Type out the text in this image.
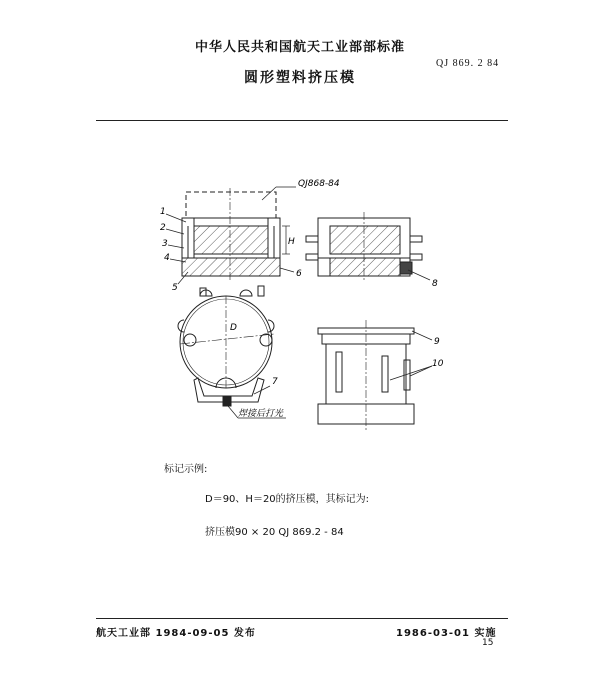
中华人民共和国航天工业部部标准
QJ 869. 2 84
圆形塑料挤压模
QJ868-84
H
1
2
3
4
5
6
8
D
7
焊接后打光
9
10
标记示例:
D＝90、H＝20的挤压模，其标记为:
挤压模90 × 20 QJ 869.2 - 84
航天工业部 1984-09-05 发布	1986-03-01 实施
15
